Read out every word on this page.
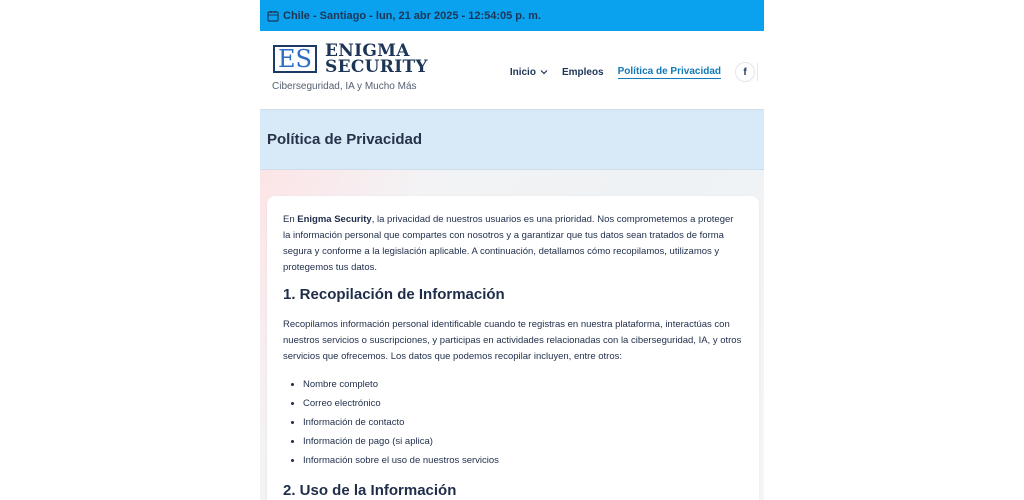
Chile - Santiago - lun, 21 abr 2025 - 12:54:05 p. m.
ES ENIGMA
SECURITY
Ciberseguridad, IA y Mucho Más
Inicio	Empleos Política de Privacidad f
Política de Privacidad

En Enigma Security, la privacidad de nuestros usuarios es una prioridad. Nos comprometemos a proteger la información personal que compartes con nosotros y a garantizar que tus datos sean tratados de forma segura y conforme a la legislación aplicable. A continuación, detallamos cómo recopilamos, utilizamos y protegemos tus datos.

1. Recopilación de Información

Recopilamos información personal identificable cuando te registras en nuestra plataforma, interactúas con nuestros servicios o suscripciones, y participas en actividades relacionadas con la ciberseguridad, IA, y otros servicios que ofrecemos. Los datos que podemos recopilar incluyen, entre otros:

• Nombre completo
• Correo electrónico
• Información de contacto
• Información de pago (si aplica)
• Información sobre el uso de nuestros servicios
2. Uso de la Información
